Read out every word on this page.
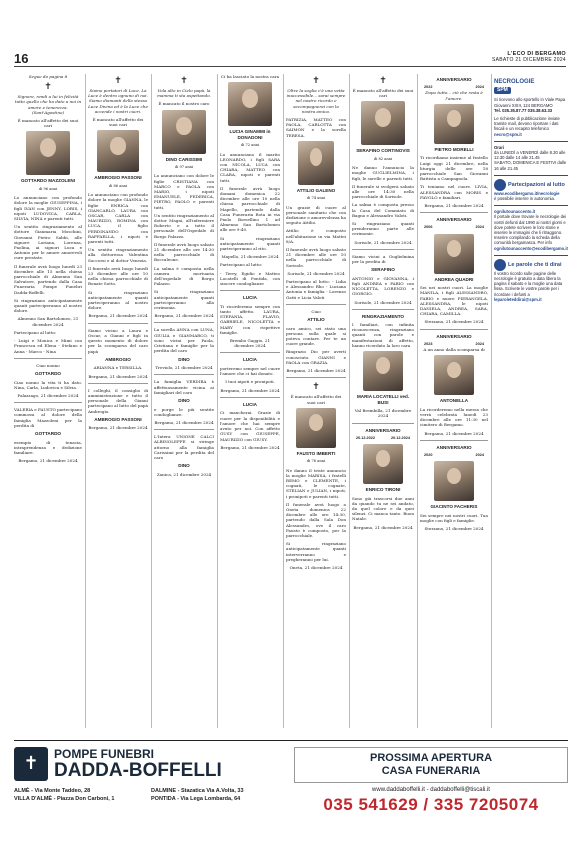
16	L'ECO DI BERGAMO
SABATO 21 DICEMBRE 2024

Segue da pagina 8

✝

Signore, rendi a lui in felicità tutto quello che ha dato a noi in amore e tenerezza. (Sant'Agostino)

È mancato all'affetto dei suoi cari

GOTTARDO MAZZOLENI

di 96 anni

Lo annunciano con profondo dolore la moglie GIUSEPPINA, i figli IVAN con JENNY, LORIS, i nipoti LUDOVICA, CARLA, SILVIA, NINA e parenti tutti.

Un sentito ringraziamento al dottore Gianmaria Moschini, Giovanni Pietro Sabbi, alle signore Loriana, Lorenza, Paolina, ai signori Luca e Antonio per le amore amorevoli cure prestate.

Il funerale avrà luogo lunedì 23 dicembre alle 15 nella chiesa parrocchiale di Almenno San Salvatore, partendo dalla Casa Funeraria Pompe Funebri Dadda-Boffelli.

Si ringraziano anticipatamente quanti parteciperanno al nostro dolore.

Almenno San Bartolomeo, 21 dicembre 2024

Partecipano al lutto:

- Luigi e Monica e Mimi con Francesca ed Elena - Stefano e Anna - Marco - Nina

Ciao nonno

GOTTARDO

Ciao nonno la vita ti ha dato. Nina, Carla, Ludovica e Silvia.

Palazzago, 21 dicembre 2024

VALERIA e FAUSTO partecipano commossi al dolore della famiglia Mazzoleni per la perdita di

GOTTARDO

esempio di tenacia, intraprendenza e dedizione familiare.

Bergamo, 21 dicembre 2024

✝

Siamo portatori di Luce. La Luce è dentro ognuno di noi. Siamo diamanti della stessa Luce Divina ed è la Luce che accende i nostri cuori.

È mancato all'affetto dei suoi cari

AMBROGIO PASSONI

di 86 anni

Lo annunciano con profondo dolore la moglie GIANNA, le figlie ENRICA con GIANCARLO, LAURA con OSCAR, CARLA con MAURIZIO, ROMINA con LUCA, il figlio FERDINANDO con RAFFAELLA, i nipoti e parenti tutti.

Un sentito ringraziamento alla dottoressa Valentina Soccorsi e al dottor Venezia.

Il funerale avrà luogo lunedì 23 dicembre alle ore 10 nella chiesa parrocchiale di Bonate Sotto.

Si ringraziano anticipatamente quanti parteciperanno al nostro dolore.

Bergamo, 21 dicembre 2024

Siamo vicino a Laura e Oscar, a Gianni e figli in questo momento di dolore per la scomparsa del caro papà

AMBROGIO

ARIANNA e TERSILLA.

Bergamo, 21 dicembre 2024

I colleghi, il consiglio di amministrazione e tutto il personale della Gianni partecipano al lutto del papà Ambrogio.

AMBROGIO PASSONI

Bergamo, 21 dicembre 2024

✝

Vola alto in Cielo papà, la mamma ti sta aspettando.

È mancato il nostro caro

DINO CARISSIMI

di 97 anni

Lo annunciano con dolore le figlie CRISTIANA con MARCO e PAOLA con MARIO, i nipoti EMANUELE, FEDERICA, PIETRO, PAOLO e parenti tutti.

Un sentito ringraziamento al dottor Magni, all'infermiere Roberto e a tutto il personale dell'Ospedale di Borgo Palazzo.

Il funerale avrà luogo sabato 21 dicembre alle ore 14:30 nella parrocchiale di Boccaleone.

La salma è composta nella camera mortuaria dell'ospedale di Borgo Palazzo.

Si ringraziano anticipatamente quanti parteciperanno alla cerimonia.

Bergamo, 21 dicembre 2024

La sorella ANNA con LUNA, GIULIA e GIANMARCO, ti sono vicini per Paola, Cristiana e famiglie per la perdita del caro

DINO

Treviolo, 21 dicembre 2024

La famiglia VERDIRA è affettuosamente vicina ai famigliari del caro

DINO

e porge le più sentite condoglianze.

Bergamo, 21 dicembre 2024

L'Intera UNIONE CALCI ALBINOLEFFE si stringe attorno alla famiglia Carissimi per la perdita del caro

DINO

Zanica, 21 dicembre 2024

Ci ha lasciato la nostra cara

LUCIA GINAMMI in DONADONI

di 72 anni

Lo annunciano il marito LEONARDO, i figli SARA con NICOLA, LUCA con CHIARA, MATTEO con CLARA, nipoti e parenti tutti.

Il funerale avrà luogo domani domenica 22 dicembre alle ore 10 nella chiesa parrocchiale di Mapello, partendo dalla Casa Funeraria Rota in via Paolo Borsellino 1 ad Almenno San Bartolomeo alle ore 9:40.

Si ringraziano anticipatamente quanti parteciperanno al rito.

Mapello, 21 dicembre 2024

Partecipano al lutto:

- Terry, Egidio e Matteo Locatelli di Pontida, con sincere condoglianze

LUCIA

Ti ricorderemo sempre con tanto affetto. LAURA, STEFANIA, FLAVIO, GABRIELE, NICOLETTA e MARY con rispettive famiglie.

Brembo Gaggio, 21 dicembre 2024

LUCIA

porteremo sempre nel cuore l'amore che ci hai donato.

I tuoi nipoti e pronipoti.

Bergamo, 21 dicembre 2024

LUCIA

Ci mancherai. Grazie di cuore per la disponibilità e l'amore che hai sempre avuto per noi. Con affetto GUSY con GIUSEPPE, MAURIZIO con GIUSY.

Bergamo, 21 dicembre 2024

✝

Oltre la soglia c'è una vetta inaccessibile... sarai sempre nel nostro ricordo e accompagnerai con la nostra amica.

PATRIZIA, MATTEO con PAOLA, CARLOTTA con SAIMON e la sorella TERESA.

ATTILIO GALENO

di 74 anni

Un grazie di cuore al personale sanitario che con dedizione e amorevolezza ha seguito Attilio.

Attilio è composto nell'abitazione in via Mattei 8/A.

Il funerale avrà luogo sabato 21 dicembre alle ore 10 nella parrocchiale di Sorisole.

Sorisole, 21 dicembre 2024

Partecipano al lutto: - Lidia e Alessandro Rho - Luciana Antonia e famiglia - Lorenzo Gatti e Licia Valoti

Ciao

ATTILIO

caro amico, sei stato una persona sulla quale si poteva contare. Per te un cuore grande.

Ringrazio Dio per averti conosciuto. GIANNI e PAOLA con GRAZIA.

Bergamo, 21 dicembre 2024

✝

È mancato all'affetto dei suoi cari

FAUSTO IMBERTI

di 76 anni

Ne danno il triste annuncio la moglie MARISA, i fratelli REMO e CLEMENTE, i cognati, le cognate, STELIAN e JULIAN, i nipoti, i pronipoti e parenti tutti.

Il funerale avrà luogo a Oneta domenica 22 dicembre alle ore 14:30, partendo dalla Sala Don Alessandro, ove il caro Fausto è composto, per la parrocchiale.

Si ringraziano anticipatamente quanti interverranno e pregheranno per lui.

Oneta, 21 dicembre 2024

✝

È mancato all'affetto dei suoi cari

SERAFINO CORTINOVIS

di 82 anni

Ne danno l'annuncio la moglie GUGLIELMINA, i figli, le sorelle e parenti tutti.

Il funerale si svolgerà sabato alle ore 14:30 nella parrocchiale di Sorisole.

La salma è composta presso la Casa del Commiato di Bagno e Alessandro Valoti.

Si ringraziano quanti prenderanno parte alle cerimonie.

Sorisole, 21 dicembre 2024

Siamo vicini a Guglielmina per la perdita di

SERAFINO

ANTONIO e GIOVANNA, i figli ANDREA e FABIO con NICOLETTA, LORENZO e GIORGIO.

Sorisole, 21 dicembre 2024

RINGRAZIAMENTO

I familiari, con infinita riconoscenza, ringraziano quanti con parole e manifestazioni di affetto, hanno ricordato la loro cara

MARIA LOCATELLI ved. BUSI

Val Brembilla, 21 dicembre 2024

ANNIVERSARIO

20.12.2022	20.12.2024

ENRICO TIRONI

Sono già trascorsi due anni da quando tu ne sei andato, da quel colore e da quei silenzi. Ci manca tanto. Buon Natale.

Bergamo, 21 dicembre 2024

ANNIVERSARIO

2022	2024

Dopo tutto... ciò che resta è l'amore.

PIETRO MORELLI

Ti ricordiamo insieme al fratello Luigi oggi 21 dicembre, nella liturgia delle ore 18 parrocchiale San Giovanni Battista a Campagnola.

Ti teniamo nel cuore. LIVIA, ALESSANDRA con MORIS e FAVOLO e familiari.

Bergamo, 21 dicembre 2024

ANNIVERSARIO

2006	2024

ANDREA QUADRI

Sei nei nostri cuori. La moglie MANILA, i figli ALESSANDRO, FABIO e nuore PIERANGELA, ALESSANDRA, le nipoti DANIELA, ANDREA, SARA, CHIARA, CAMILLA.

Stezzano, 21 dicembre 2024

ANNIVERSARIO

2023	2024

A un anno dalla scomparsa di

ANTONELLA

La ricorderemo nella messa che verrà celebrata lunedì 23 dicembre alle ore 11:30 nel cimitero di Bergamo.

Bergamo, 21 dicembre 2024

ANNIVERSARIO

2020	2024

GIACINTO FACHERIS

Sei sempre nei nostri cuori. Tua moglie con figli e famiglie.

Stezzano, 21 dicembre 2024

NECROLOGIE
SPM

Si ricevono allo sportello in Viale Papa Giovanni XXIII, 124 BERGAMO

Tel. 035.35.87.77 035.38.63.33

Le richieste di pubblicazione inviate tramite mail, devono riportare i dati fiscali e un recapito telefonico

necro@spm.it

Orari

da LUNEDÌ a VENERDÌ dalle 8.30 alle 12.30 dalle 14 alle 21.45

SABATO, DOMENICA E FESTIVI dalle 16 alle 21.45

Partecipazioni al lutto

www.ecodibergamo.it/necrologie

è possibile inserire in autonomia.

ognilutounaccento.it

Il portale dove trovare le necrologie dei vostri defunti dal 1990 ai nostri giorni e dove potete scrivere le loro storie e inserire le immagini che li ritraggono. Inserire compilando la scheda della comunità bergamasca. Per info

ognilutounaccento@ecodibergamo.it

Le parole che ti dirai

Il vostro ricordo sulle pagine delle necrologie è gratuito a data libera la pagina il sabato e la moglie una data fissa. Scrivete le vostre parole per i ricordare i defunti a

leparoleteddirai@spm.it

✝	POMPE FUNEBRI
DADDA-BOFFELLI
ALMÈ - Via Monte Taddeo, 28	DALMINE - Stazatica Via A.Volta, 33
VILLA D'ALMÈ - Piazza Don Carboni, 1	PONTIDA - Via Lega Lombarda, 64
PROSSIMA APERTURA
CASA FUNERARIA
www.daddaboffelli.it - daddaboffelli@tiscali.it
035 541629 / 335 7205074
